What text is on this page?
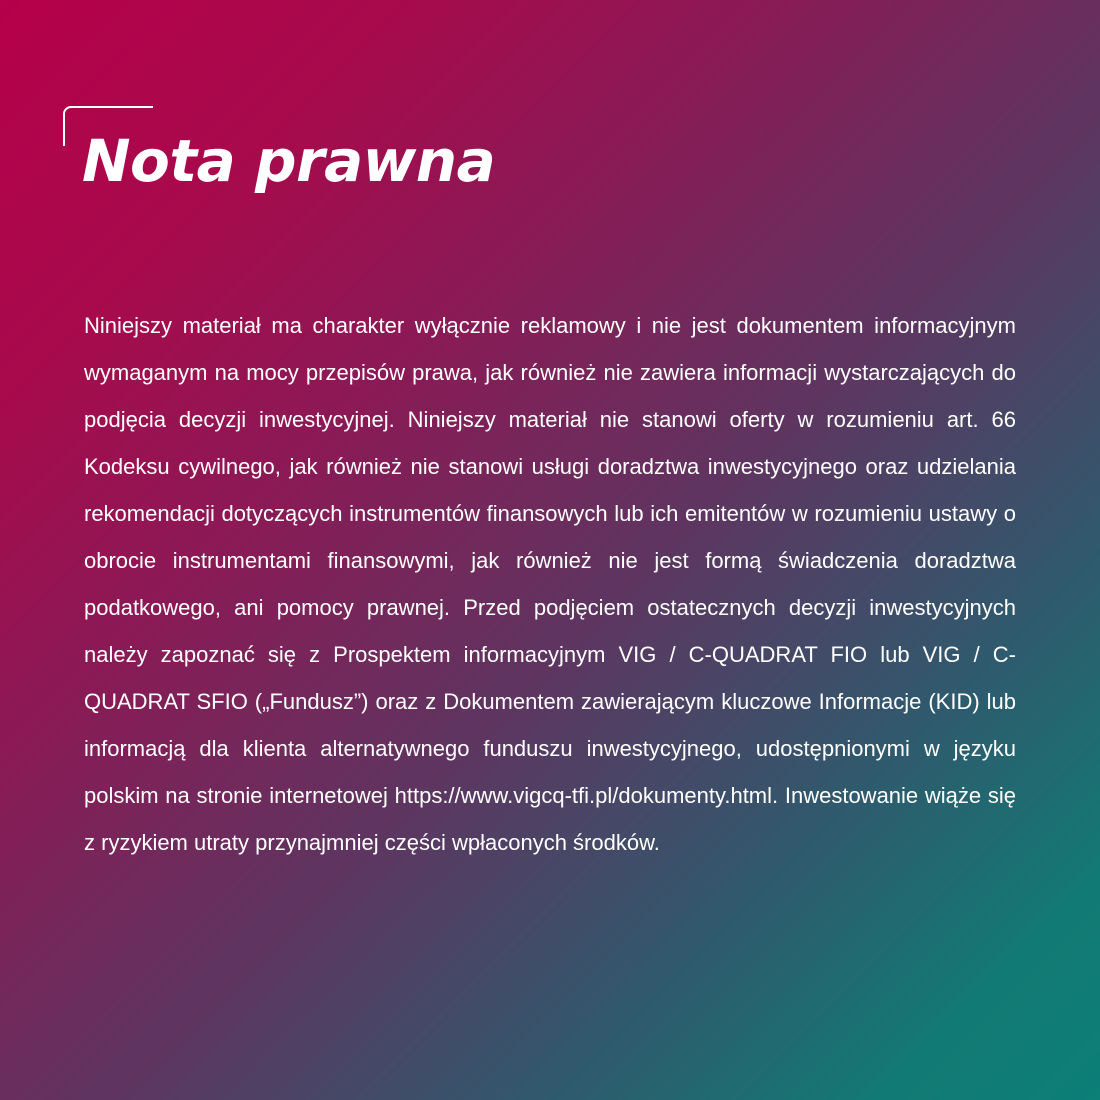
Nota prawna

Niniejszy materiał ma charakter wyłącznie reklamowy i nie jest dokumentem informacyjnym wymaganym na mocy przepisów prawa, jak również nie zawiera informacji wystarczających do podjęcia decyzji inwestycyjnej. Niniejszy materiał nie stanowi oferty w rozumieniu art. 66 Kodeksu cywilnego, jak również nie stanowi usługi doradztwa inwestycyjnego oraz udzielania rekomendacji dotyczących instrumentów finansowych lub ich emitentów w rozumieniu ustawy o obrocie instrumentami finansowymi, jak również nie jest formą świadczenia doradztwa podatkowego, ani pomocy prawnej. Przed podjęciem ostatecznych decyzji inwestycyjnych należy zapoznać się z Prospektem informacyjnym VIG / C-QUADRAT FIO lub VIG / C-QUADRAT SFIO („Fundusz”) oraz z Dokumentem zawierającym kluczowe Informacje (KID) lub informacją dla klienta alternatywnego funduszu inwestycyjnego, udostępnionymi w języku polskim na stronie internetowej https://www.vigcq-tfi.pl/dokumenty.html. Inwestowanie wiąże się z ryzykiem utraty przynajmniej części wpłaconych środków.
